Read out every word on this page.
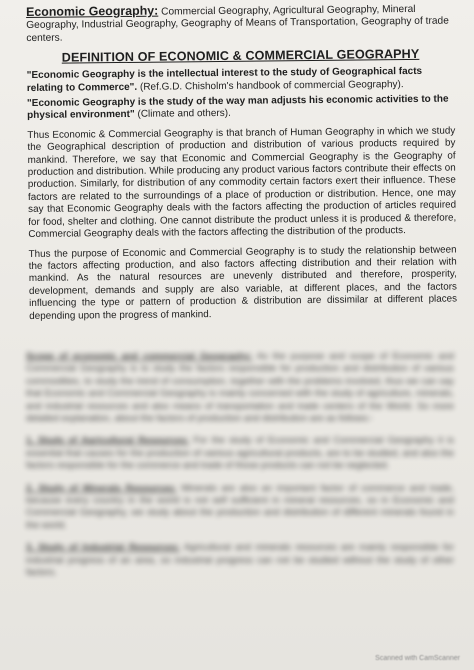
Economic Geography: Commercial Geography, Agricultural Geography, Mineral Geography, Industrial Geography, Geography of Means of Transportation, Geography of trade centers.

DEFINITION OF ECONOMIC & COMMERCIAL GEOGRAPHY

"Economic Geography is the intellectual interest to the study of Geographical facts relating to Commerce". (Ref.G.D. Chisholm's handbook of commercial Geography).

"Economic Geography is the study of the way man adjusts his economic activities to the physical environment" (Climate and others).

Thus Economic & Commercial Geography is that branch of Human Geography in which we study the Geographical description of production and distribution of various products required by mankind. Therefore, we say that Economic and Commercial Geography is the Geography of production and distribution. While producing any product various factors contribute their effects on production. Similarly, for distribution of any commodity certain factors exert their influence. These factors are related to the surroundings of a place of production or distribution. Hence, one may say that Economic Geography deals with the factors affecting the production of articles required for food, shelter and clothing. One cannot distribute the product unless it is produced & therefore, Commercial Geography deals with the factors affecting the distribution of the products.

Thus the purpose of Economic and Commercial Geography is to study the relationship between the factors affecting production, and also factors affecting distribution and their relation with mankind. As the natural resources are unevenly distributed and therefore, prosperity, development, demands and supply are also variable, at different places, and the factors influencing the type or pattern of production & distribution are dissimilar at different places depending upon the progress of mankind.

Scope of economic and commercial Geography: As the purpose and scope of Economic and Commercial Geography is to study the factors responsible for production and distribution of various commodities, to study the trend of consumption, together with the problems involved, thus we can say that Economic and Commercial Geography is mainly concerned with the study of agriculture, minerals, and industrial resources and also means of transportation and trade centers of the World. So more detailed explanation, about the factors of production and distribution are as follows:-

1. Study of Agricultural Resources: For the study of Economic and Commercial Geography it is essential that causes for the production of various agricultural products, are to be studied, and also the factors responsible for the commerce and trade of those products can not be neglected.

2. Study of Minerals Resources: Minerals are also an important factor of commerce and trade, because every country in the world is not self sufficient in mineral resources, so in Economic and Commercial Geography, we study about the production and distribution of different minerals found in the world.

3. Study of Industrial Resources: Agricultural and minerals resources are mainly responsible for industrial progress of an area, so industrial progress can not be studied without the study of other factors.

Scanned with CamScanner
